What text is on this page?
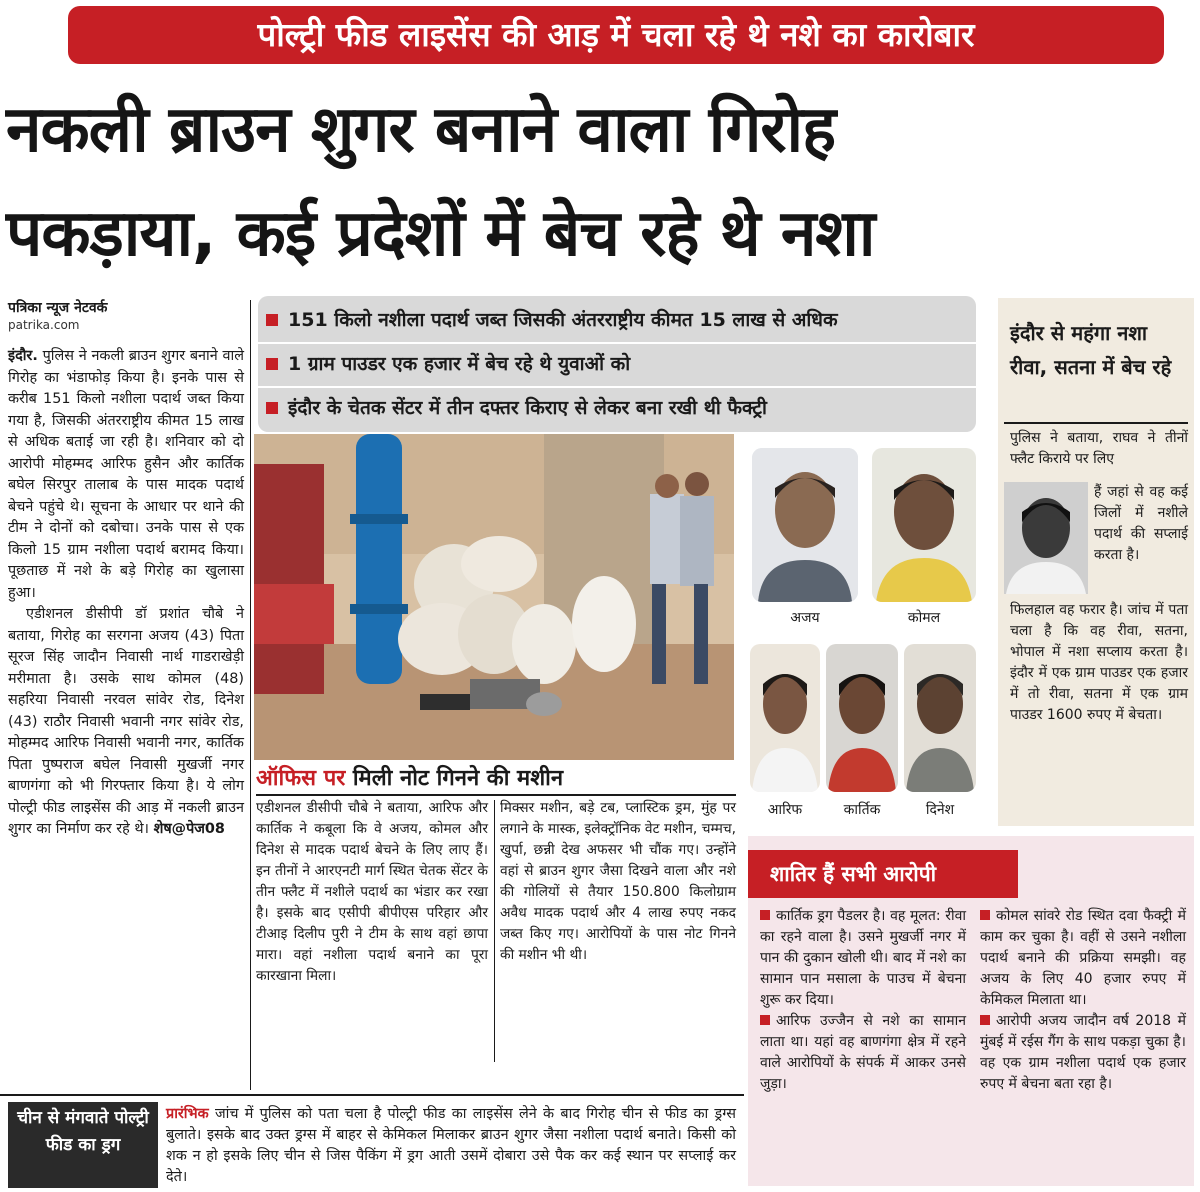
पोल्ट्री फीड लाइसेंस की आड़ में चला रहे थे नशे का कारोबार
नकली ब्राउन शुगर बनाने वाला गिरोह
पकड़ाया, कई प्रदेशों में बेच रहे थे नशा
पत्रिका न्यूज नेटवर्क
patrika.com

इंदौर. पुलिस ने नकली ब्राउन शुगर बनाने वाले गिरोह का भंडाफोड़ किया है। इनके पास से करीब 151 किलो नशीला पदार्थ जब्त किया गया है, जिसकी अंतरराष्ट्रीय कीमत 15 लाख से अधिक बताई जा रही है। शनिवार को दो आरोपी मोहम्मद आरिफ हुसैन और कार्तिक बघेल सिरपुर तालाब के पास मादक पदार्थ बेचने पहुंचे थे। सूचना के आधार पर थाने की टीम ने दोनों को दबोचा। उनके पास से एक किलो 15 ग्राम नशीला पदार्थ बरामद किया। पूछताछ में नशे के बड़े गिरोह का खुलासा हुआ।

एडीशनल डीसीपी डॉ प्रशांत चौबे ने बताया, गिरोह का सरगना अजय (43) पिता सूरज सिंह जादौन निवासी नार्थ गाडराखेड़ी मरीमाता है। उसके साथ कोमल (48) सहरिया निवासी नरवल सांवेर रोड, दिनेश (43) राठौर निवासी भवानी नगर सांवेर रोड, मोहम्मद आरिफ निवासी भवानी नगर, कार्तिक पिता पुष्पराज बघेल निवासी मुखर्जी नगर बाणगंगा को भी गिरफ्तार किया है। ये लोग पोल्ट्री फीड लाइसेंस की आड़ में नकली ब्राउन शुगर का निर्माण कर रहे थे। शेष@पेज08

151 किलो नशीला पदार्थ जब्त जिसकी अंतरराष्ट्रीय कीमत 15 लाख से अधिक
1 ग्राम पाउडर एक हजार में बेच रहे थे युवाओं को
इंदौर के चेतक सेंटर में तीन दफ्तर किराए से लेकर बना रखी थी फैक्ट्री
ऑफिस पर मिली नोट गिनने की मशीन
एडीशनल डीसीपी चौबे ने बताया, आरिफ और कार्तिक ने कबूला कि वे अजय, कोमल और दिनेश से मादक पदार्थ बेचने के लिए लाए हैं। इन तीनों ने आरएनटी मार्ग स्थित चेतक सेंटर के तीन फ्लैट में नशीले पदार्थ का भंडार कर रखा है। इसके बाद एसीपी बीपीएस परिहार और टीआइ दिलीप पुरी ने टीम के साथ वहां छापा मारा। वहां नशीला पदार्थ बनाने का पूरा कारखाना मिला।
मिक्सर मशीन, बड़े टब, प्लास्टिक ड्रम, मुंह पर लगाने के मास्क, इलेक्ट्रॉनिक वेट मशीन, चम्मच, खुर्पा, छन्नी देख अफसर भी चौंक गए। उन्होंने वहां से ब्राउन शुगर जैसा दिखने वाला और नशे की गोलियों से तैयार 150.800 किलोग्राम अवैध मादक पदार्थ और 4 लाख रुपए नकद जब्त किए गए। आरोपियों के पास नोट गिनने की मशीन भी थी।
अजय	कोमल
आरिफ	कार्तिक	दिनेश
इंदौर से महंगा नशा रीवा, सतना में बेच रहे
पुलिस ने बताया, राघव ने तीनों फ्लैट किराये पर लिए
हैं जहां से वह कई जिलों में नशीले पदार्थ की सप्लाई करता है।
फिलहाल वह फरार है। जांच में पता चला है कि वह रीवा, सतना, भोपाल में नशा सप्लाय करता है। इंदौर में एक ग्राम पाउडर एक हजार में तो रीवा, सतना में एक ग्राम पाउडर 1600 रुपए में बेचता।
शातिर हैं सभी आरोपी

कार्तिक ड्रग पैडलर है। वह मूलत: रीवा का रहने वाला है। उसने मुखर्जी नगर में पान की दुकान खोली थी। बाद में नशे का सामान पान मसाला के पाउच में बेचना शुरू कर दिया।

आरिफ उज्जैन से नशे का सामान लाता था। यहां वह बाणगंगा क्षेत्र में रहने वाले आरोपियों के संपर्क में आकर उनसे जुड़ा।

कोमल सांवरे रोड स्थित दवा फैक्ट्री में काम कर चुका है। वहीं से उसने नशीला पदार्थ बनाने की प्रक्रिया समझी। वह अजय के लिए 40 हजार रुपए में केमिकल मिलाता था।

आरोपी अजय जादौन वर्ष 2018 में मुंबई में रईस गैंग के साथ पकड़ा चुका है। वह एक ग्राम नशीला पदार्थ एक हजार रुपए में बेचना बता रहा है।

चीन से मंगवाते पोल्ट्री फीड का ड्रग
प्रारंभिक जांच में पुलिस को पता चला है पोल्ट्री फीड का लाइसेंस लेने के बाद गिरोह चीन से फीड का ड्रग्स बुलाते। इसके बाद उक्त ड्रग्स में बाहर से केमिकल मिलाकर ब्राउन शुगर जैसा नशीला पदार्थ बनाते। किसी को शक न हो इसके लिए चीन से जिस पैकिंग में ड्रग आती उसमें दोबारा उसे पैक कर कई स्थान पर सप्लाई कर देते।
